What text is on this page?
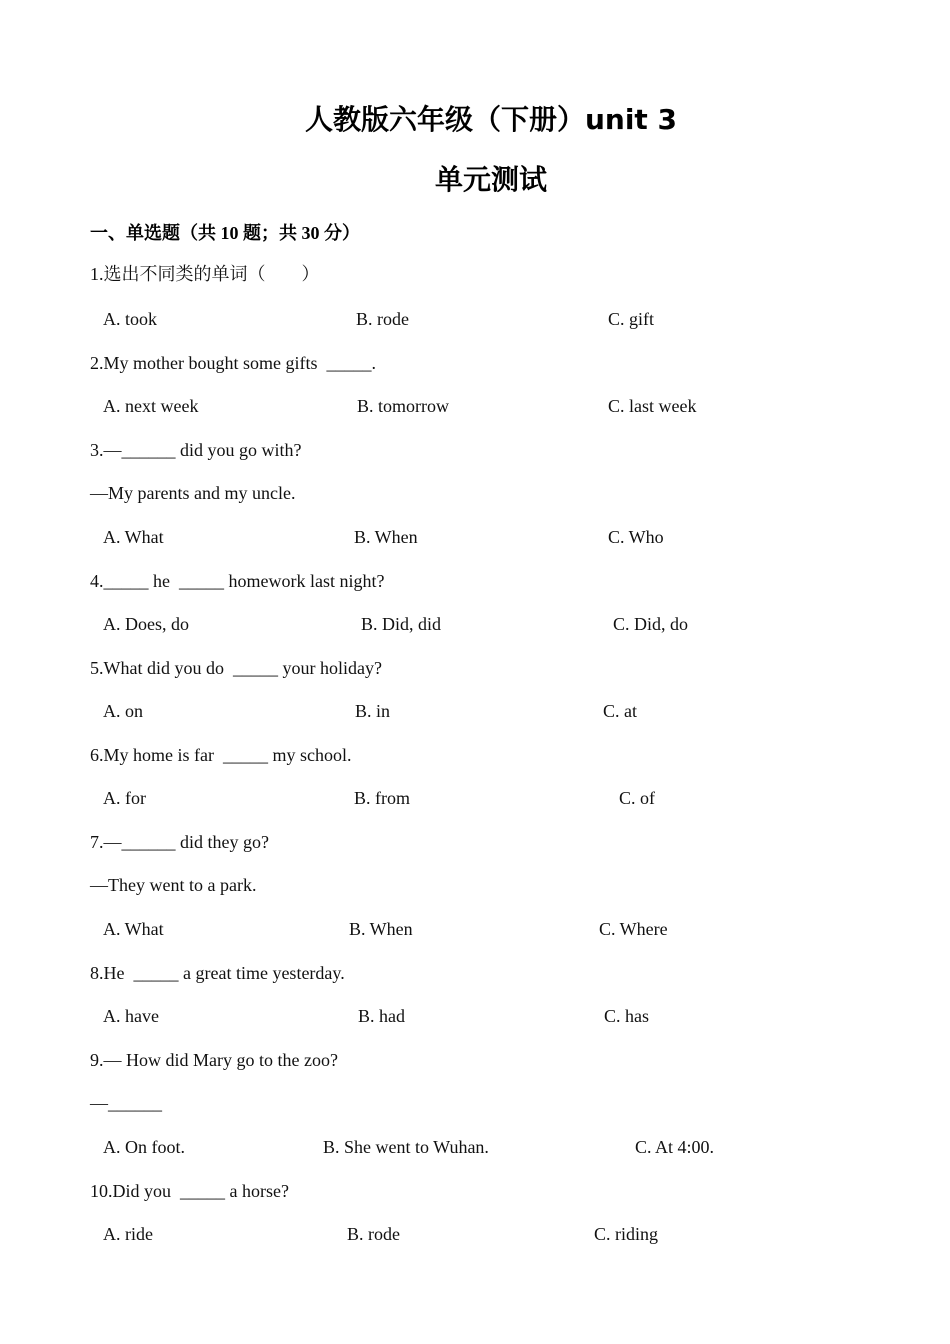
人教版六年级（下册）unit 3
单元测试
一、单选题（共 10 题；共 30 分）
1.选出不同类的单词（　　）
A. took	B. rode	C. gift
2.My mother bought some gifts  _____.
A. next week	B. tomorrow	C. last week
3.—______ did you go with?
—My parents and my uncle.
A. What	B. When	C. Who
4._____ he  _____ homework last night?
A. Does, do	B. Did, did	C. Did, do
5.What did you do  _____ your holiday?
A. on	B. in	C. at
6.My home is far  _____ my school.
A. for	B. from	C. of
7.—______ did they go?
—They went to a park.
A. What	B. When	C. Where
8.He  _____ a great time yesterday.
A. have	B. had	C. has
9.— How did Mary go to the zoo?
—______
A. On foot.	B. She went to Wuhan.	C. At 4:00.
10.Did you  _____ a horse?
A. ride	B. rode	C. riding
